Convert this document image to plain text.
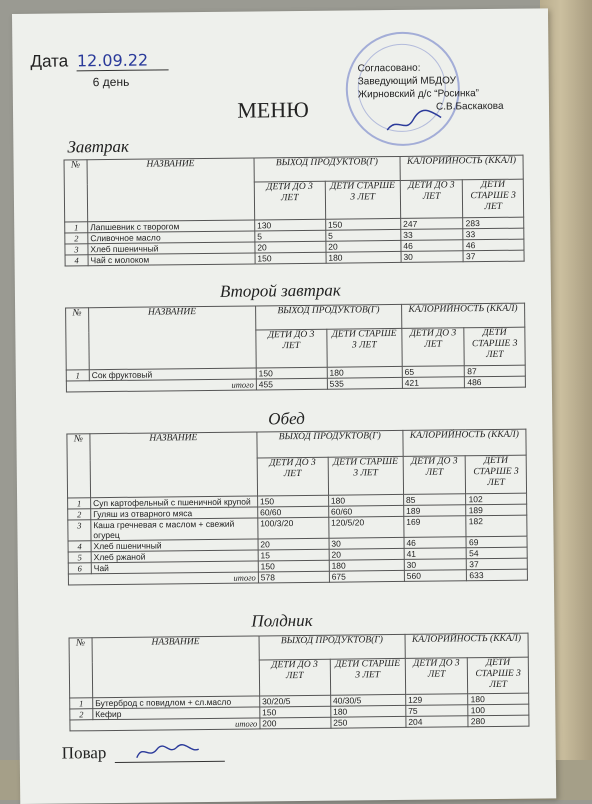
Дата 12.09.22
6 день
Согласовано:
Заведующий МБДОУ
Жирновский д/с “Росинка”
С.В.Баскакова
МЕНЮ
Завтрак
№	НАЗВАНИЕ	ВЫХОД ПРОДУКТОВ(Г)		КАЛОРИЙНОСТЬ (ККАЛ)	
		ДЕТИ ДО 3 ЛЕТ	ДЕТИ СТАРШЕ 3 ЛЕТ	ДЕТИ ДО 3 ЛЕТ	ДЕТИ СТАРШЕ 3 ЛЕТ
1	Лапшевник с творогом	130	150	247	283
2	Сливочное масло	5	5	33	33
3	Хлеб пшеничный	20	20	46	46
4	Чай с молоком	150	180	30	37
Второй завтрак
№	НАЗВАНИЕ	ВЫХОД ПРОДУКТОВ(Г)		КАЛОРИЙНОСТЬ (ККАЛ)	
		ДЕТИ ДО 3 ЛЕТ	ДЕТИ СТАРШЕ 3 ЛЕТ	ДЕТИ ДО 3 ЛЕТ	ДЕТИ СТАРШЕ 3 ЛЕТ
1	Сок фруктовый	150	180	65	87
итого		455	535	421	486
Обед
№	НАЗВАНИЕ	ВЫХОД ПРОДУКТОВ(Г)		КАЛОРИЙНОСТЬ (ККАЛ)	
		ДЕТИ ДО 3 ЛЕТ	ДЕТИ СТАРШЕ 3 ЛЕТ	ДЕТИ ДО 3 ЛЕТ	ДЕТИ СТАРШЕ 3 ЛЕТ
1	Суп картофельный с пшеничной крупой	150	180	85	102
2	Гуляш из отварного мяса	60/60	60/60	189	189
3	Каша гречневая с маслом + свежий огурец	100/3/20	120/5/20	169	182
4	Хлеб пшеничный	20	30	46	69
5	Хлеб ржаной	15	20	41	54
6	Чай	150	180	30	37
итого		578	675	560	633
Полдник
№	НАЗВАНИЕ	ВЫХОД ПРОДУКТОВ(Г)		КАЛОРИЙНОСТЬ (ККАЛ)	
		ДЕТИ ДО 3 ЛЕТ	ДЕТИ СТАРШЕ 3 ЛЕТ	ДЕТИ ДО 3 ЛЕТ	ДЕТИ СТАРШЕ 3 ЛЕТ
1	Бутерброд с повидлом + сл.масло	30/20/5	40/30/5	129	180
2	Кефир	150	180	75	100
итого		200	250	204	280
Повар
